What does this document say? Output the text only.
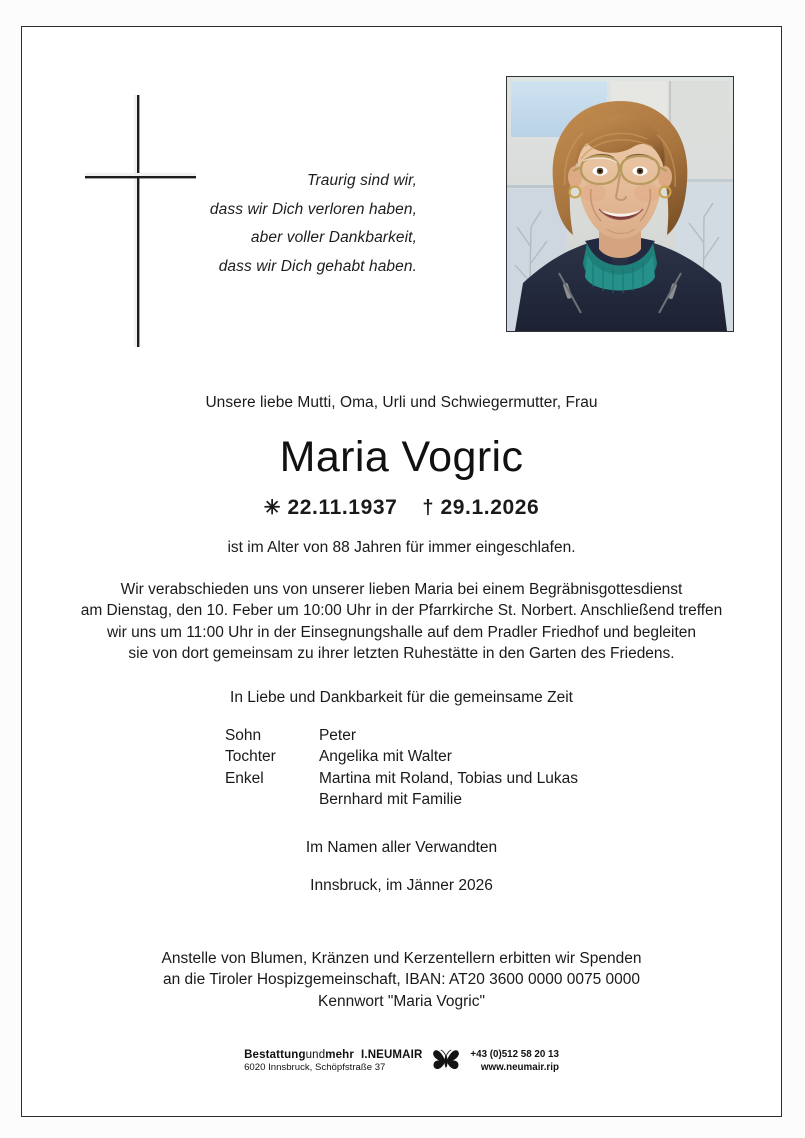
Traurig sind wir,
dass wir Dich verloren haben,
aber voller Dankbarkeit,
dass wir Dich gehabt haben.
Unsere liebe Mutti, Oma, Urli und Schwiegermutter, Frau
Maria Vogric
✳ 22.11.1937 † 29.1.2026
ist im Alter von 88 Jahren für immer eingeschlafen.
Wir verabschieden uns von unserer lieben Maria bei einem Begräbnisgottesdienst
am Dienstag, den 10. Feber um 10:00 Uhr in der Pfarrkirche St. Norbert. Anschließend treffen
wir uns um 11:00 Uhr in der Einsegnungshalle auf dem Pradler Friedhof und begleiten
sie von dort gemeinsam zu ihrer letzten Ruhestätte in den Garten des Friedens.
In Liebe und Dankbarkeit für die gemeinsame Zeit
Sohn	Peter
Tochter	Angelika mit Walter
Enkel	Martina mit Roland, Tobias und Lukas
Bernhard mit Familie
Im Namen aller Verwandten
Innsbruck, im Jänner 2026
Anstelle von Blumen, Kränzen und Kerzentellern erbitten wir Spenden
an die Tiroler Hospizgemeinschaft, IBAN: AT20 3600 0000 0075 0000
Kennwort "Maria Vogric"
Bestattungundmehr I.NEUMAIR
6020 Innsbruck, Schöpfstraße 37
+43 (0)512 58 20 13
www.neumair.rip
